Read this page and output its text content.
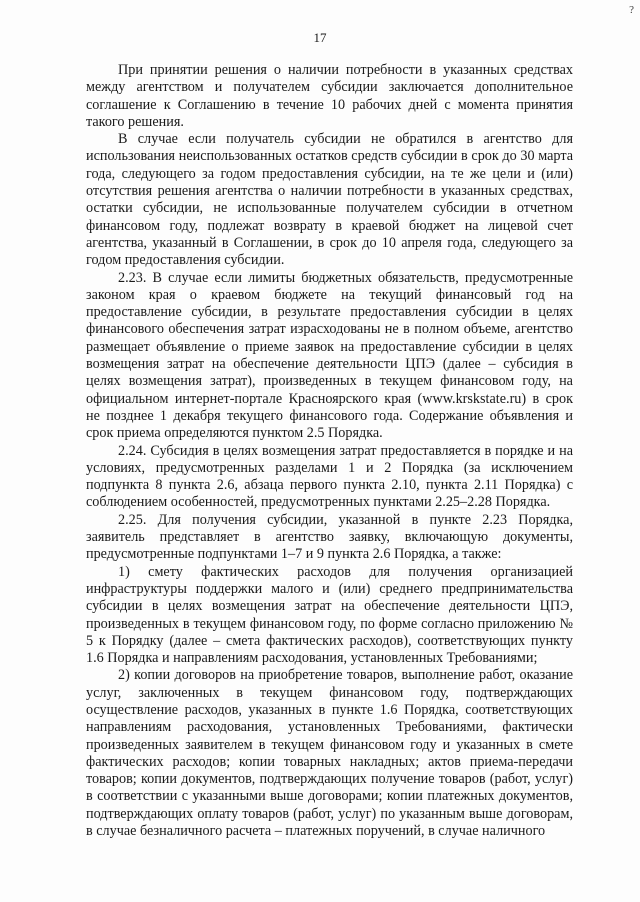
?
17

При принятии решения о наличии потребности в указанных средствах между агентством и получателем субсидии заключается дополнительное соглашение к Соглашению в течение 10 рабочих дней с момента принятия такого решения.

В случае если получатель субсидии не обратился в агентство для использования неиспользованных остатков средств субсидии в срок до 30 марта года, следующего за годом предоставления субсидии, на те же цели и (или) отсутствия решения агентства о наличии потребности в указанных средствах, остатки субсидии, не использованные получателем субсидии в отчетном финансовом году, подлежат возврату в краевой бюджет на лицевой счет агентства, указанный в Соглашении, в срок до 10 апреля года, следующего за годом предоставления субсидии.

2.23. В случае если лимиты бюджетных обязательств, предусмотренные законом края о краевом бюджете на текущий финансовый год на предоставление субсидии, в результате предоставления субсидии в целях финансового обеспечения затрат израсходованы не в полном объеме, агентство размещает объявление о приеме заявок на предоставление субсидии в целях возмещения затрат на обеспечение деятельности ЦПЭ (далее – субсидия в целях возмещения затрат), произведенных в текущем финансовом году, на официальном интернет-портале Красноярского края (www.krskstate.ru) в срок не позднее 1 декабря текущего финансового года. Содержание объявления и срок приема определяются пунктом 2.5 Порядка.

2.24. Субсидия в целях возмещения затрат предоставляется в порядке и на условиях, предусмотренных разделами 1 и 2 Порядка (за исключением подпункта 8 пункта 2.6, абзаца первого пункта 2.10, пункта 2.11 Порядка) с соблюдением особенностей, предусмотренных пунктами 2.25–2.28 Порядка.

2.25. Для получения субсидии, указанной в пункте 2.23 Порядка, заявитель представляет в агентство заявку, включающую документы, предусмотренные подпунктами 1–7 и 9 пункта 2.6 Порядка, а также:

1) смету фактических расходов для получения организацией инфраструктуры поддержки малого и (или) среднего предпринимательства субсидии в целях возмещения затрат на обеспечение деятельности ЦПЭ, произведенных в текущем финансовом году, по форме согласно приложению № 5 к Порядку (далее – смета фактических расходов), соответствующих пункту 1.6 Порядка и направлениям расходования, установленных Требованиями;

2) копии договоров на приобретение товаров, выполнение работ, оказание услуг, заключенных в текущем финансовом году, подтверждающих осуществление расходов, указанных в пункте 1.6 Порядка, соответствующих направлениям расходования, установленных Требованиями, фактически произведенных заявителем в текущем финансовом году и указанных в смете фактических расходов; копии товарных накладных; актов приема-передачи товаров; копии документов, подтверждающих получение товаров (работ, услуг) в соответствии с указанными выше договорами; копии платежных документов, подтверждающих оплату товаров (работ, услуг) по указанным выше договорам, в случае безналичного расчета – платежных поручений, в случае наличного
